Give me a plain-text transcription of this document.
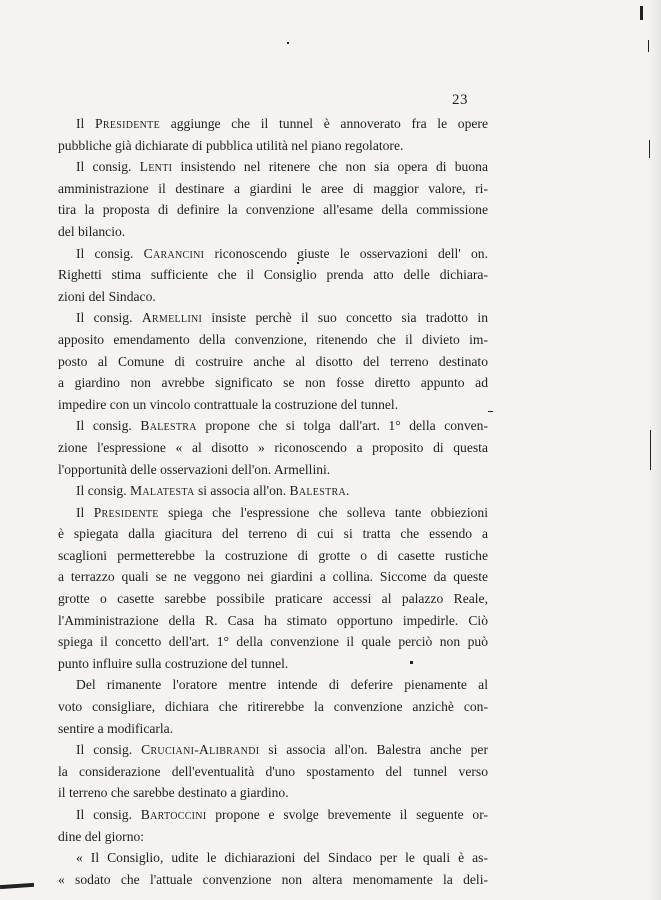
23
Il Presidente aggiunge che il tunnel è annoverato fra le opere
pubbliche già dichiarate di pubblica utilità nel piano regolatore.
Il consig. Lenti insistendo nel ritenere che non sia opera di buona
amministrazione il destinare a giardini le aree di maggior valore, ri-
tira la proposta di definire la convenzione all'esame della commissione
del bilancio.
Il consig. Carancini riconoscendo giuste le osservazioni dell' on.
Righetti stima sufficiente che il Consiglio prenda atto delle dichiara-
zioni del Sindaco.
Il consig. Armellini insiste perchè il suo concetto sia tradotto in
apposito emendamento della convenzione, ritenendo che il divieto im-
posto al Comune di costruire anche al disotto del terreno destinato
a giardino non avrebbe significato se non fosse diretto appunto ad
impedire con un vincolo contrattuale la costruzione del tunnel.
Il consig. Balestra propone che si tolga dall'art. 1° della conven-
zione l'espressione « al disotto » riconoscendo a proposito di questa
l'opportunità delle osservazioni dell'on. Armellini.
Il consig. Malatesta si associa all'on. Balestra.
Il Presidente spiega che l'espressione che solleva tante obbiezioni
è spiegata dalla giacitura del terreno di cui si tratta che essendo a
scaglioni permetterebbe la costruzione di grotte o di casette rustiche
a terrazzo quali se ne veggono nei giardini a collina. Siccome da queste
grotte o casette sarebbe possibile praticare accessi al palazzo Reale,
l'Amministrazione della R. Casa ha stimato opportuno impedirle. Ciò
spiega il concetto dell'art. 1° della convenzione il quale perciò non può
punto influire sulla costruzione del tunnel.
Del rimanente l'oratore mentre intende di deferire pienamente al
voto consigliare, dichiara che ritirerebbe la convenzione anzichè con-
sentire a modificarla.
Il consig. Cruciani-Alibrandi si associa all'on. Balestra anche per
la considerazione dell'eventualità d'uno spostamento del tunnel verso
il terreno che sarebbe destinato a giardino.
Il consig. Bartoccini propone e svolge brevemente il seguente or-
dine del giorno:
« Il Consiglio, udite le dichiarazioni del Sindaco per le quali è as-
« sodato che l'attuale convenzione non altera menomamente la deli-
